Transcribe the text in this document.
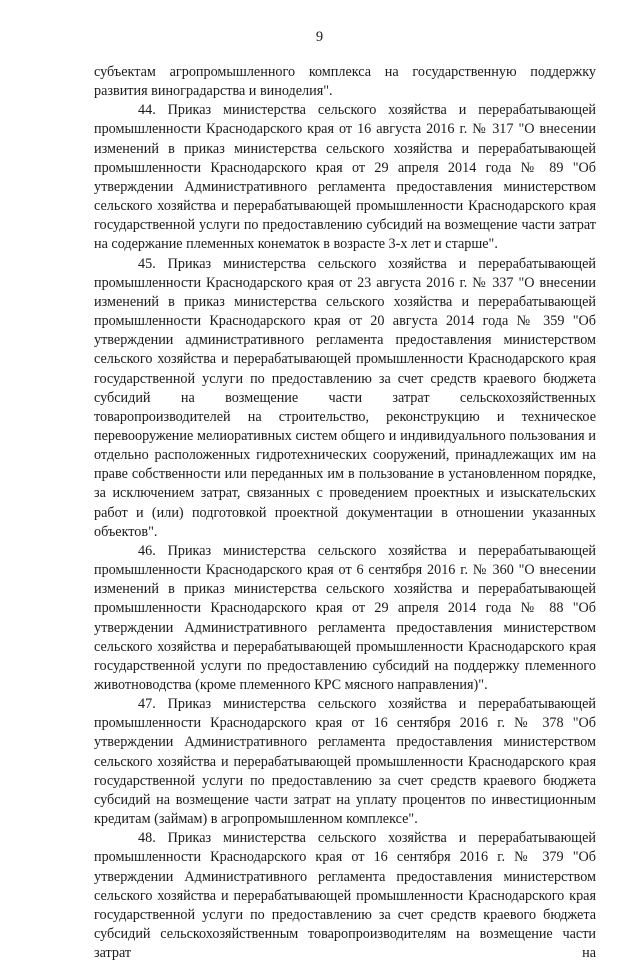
9

субъектам агропромышленного комплекса на государственную поддержку развития виноградарства и виноделия".

44. Приказ министерства сельского хозяйства и перерабатывающей промышленности Краснодарского края от 16 августа 2016 г. № 317 "О внесении изменений в приказ министерства сельского хозяйства и перерабатывающей промышленности Краснодарского края от 29 апреля 2014 года № 89 "Об утверждении Административного регламента предоставления министерством сельского хозяйства и перерабатывающей промышленности Краснодарского края государственной услуги по предоставлению субсидий на возмещение части затрат на содержание племенных конематок в возрасте 3-х лет и старше".

45. Приказ министерства сельского хозяйства и перерабатывающей промышленности Краснодарского края от 23 августа 2016 г. № 337 "О внесении изменений в приказ министерства сельского хозяйства и перерабатывающей промышленности Краснодарского края от 20 августа 2014 года № 359 "Об утверждении административного регламента предоставления министерством сельского хозяйства и перерабатывающей промышленности Краснодарского края государственной услуги по предоставлению за счет средств краевого бюджета субсидий на возмещение части затрат сельскохозяйственных товаропроизводителей на строительство, реконструкцию и техническое перевооружение мелиоративных систем общего и индивидуального пользования и отдельно расположенных гидротехнических сооружений, принадлежащих им на праве собственности или переданных им в пользование в установленном порядке, за исключением затрат, связанных с проведением проектных и изыскательских работ и (или) подготовкой проектной документации в отношении указанных объектов".

46. Приказ министерства сельского хозяйства и перерабатывающей промышленности Краснодарского края от 6 сентября 2016 г. № 360 "О внесении изменений в приказ министерства сельского хозяйства и перерабатывающей промышленности Краснодарского края от 29 апреля 2014 года № 88 "Об утверждении Административного регламента предоставления министерством сельского хозяйства и перерабатывающей промышленности Краснодарского края государственной услуги по предоставлению субсидий на поддержку племенного животноводства (кроме племенного КРС мясного направления)".

47. Приказ министерства сельского хозяйства и перерабатывающей промышленности Краснодарского края от 16 сентября 2016 г. № 378 "Об утверждении Административного регламента предоставления министерством сельского хозяйства и перерабатывающей промышленности Краснодарского края государственной услуги по предоставлению за счет средств краевого бюджета субсидий на возмещение части затрат на уплату процентов по инвестиционным кредитам (займам) в агропромышленном комплексе".

48. Приказ министерства сельского хозяйства и перерабатывающей промышленности Краснодарского края от 16 сентября 2016 г. № 379 "Об утверждении Административного регламента предоставления министерством сельского хозяйства и перерабатывающей промышленности Краснодарского края государственной услуги по предоставлению за счет средств краевого бюджета субсидий сельскохозяйственным товаропроизводителям на возмещение части затрат на
